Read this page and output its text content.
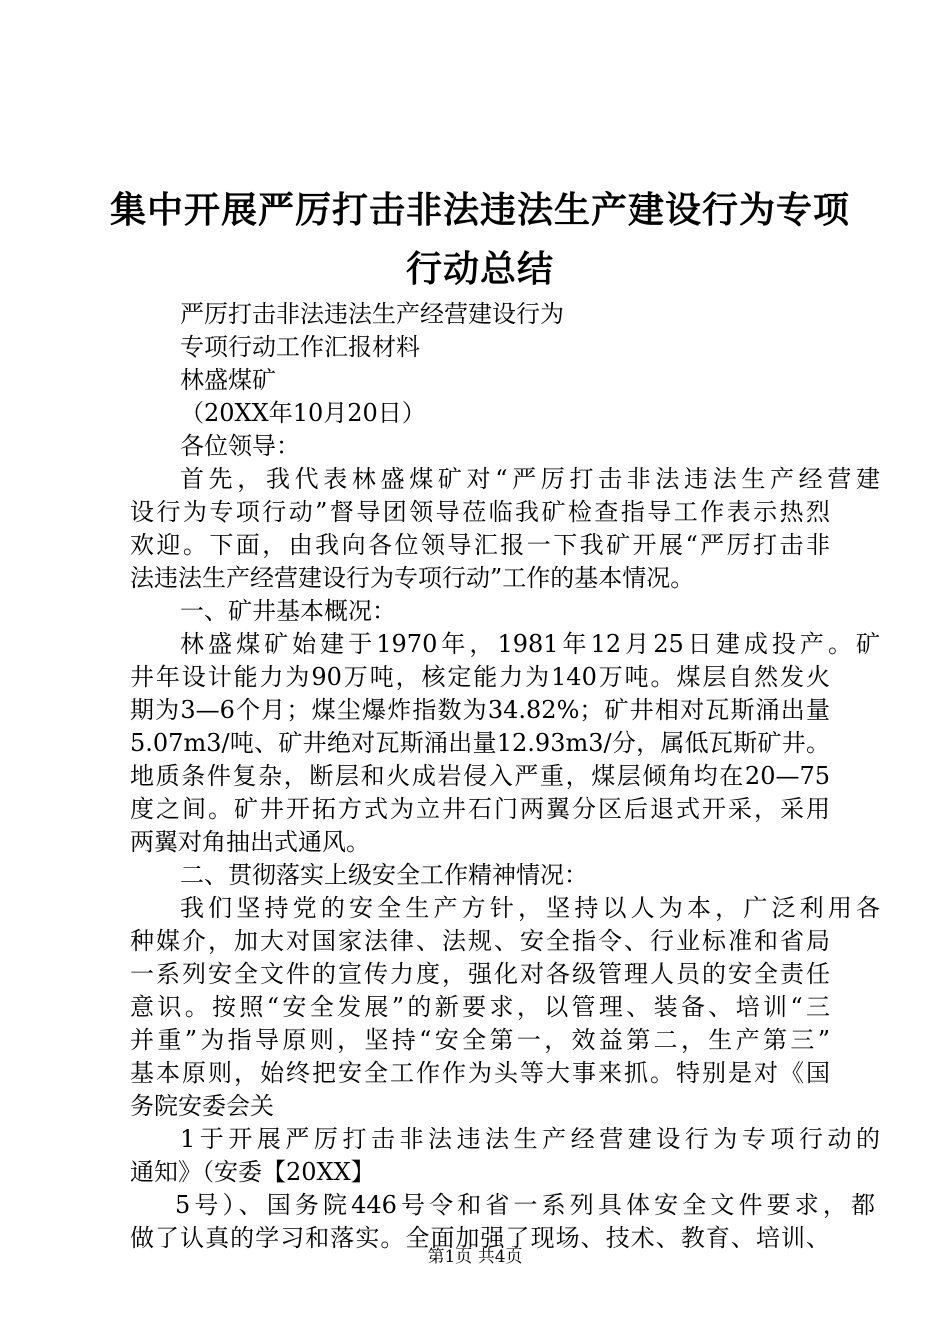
集中开展严厉打击非法违法生产建设行为专项
行动总结
严厉打击非法违法生产经营建设行为
专项行动工作汇报材料
林盛煤矿
（20XX年10月20日）
各位领导：
首先，我代表林盛煤矿对“严厉打击非法违法生产经营建
设行为专项行动”督导团领导莅临我矿检查指导工作表示热烈
欢迎。下面，由我向各位领导汇报一下我矿开展“严厉打击非
法违法生产经营建设行为专项行动”工作的基本情况。
一、矿井基本概况：
林盛煤矿始建于1970年，1981年12月25日建成投产。矿
井年设计能力为90万吨，核定能力为140万吨。煤层自然发火
期为3—6个月；煤尘爆炸指数为34.82%；矿井相对瓦斯涌出量
5.07m3/吨、矿井绝对瓦斯涌出量12.93m3/分，属低瓦斯矿井。
地质条件复杂，断层和火成岩侵入严重，煤层倾角均在20—75
度之间。矿井开拓方式为立井石门两翼分区后退式开采，采用
两翼对角抽出式通风。
二、贯彻落实上级安全工作精神情况：
我们坚持党的安全生产方针，坚持以人为本，广泛利用各
种媒介，加大对国家法律、法规、安全指令、行业标准和省局
一系列安全文件的宣传力度，强化对各级管理人员的安全责任
意识。按照“安全发展”的新要求，以管理、装备、培训“三
并重”为指导原则，坚持“安全第一，效益第二，生产第三”
基本原则，始终把安全工作作为头等大事来抓。特别是对《国
务院安委会关
1于开展严厉打击非法违法生产经营建设行为专项行动的
通知》（安委【20XX】
5号）、国务院446号令和省一系列具体安全文件要求，都
做了认真的学习和落实。全面加强了现场、技术、教育、培训、
第1页 共4页
